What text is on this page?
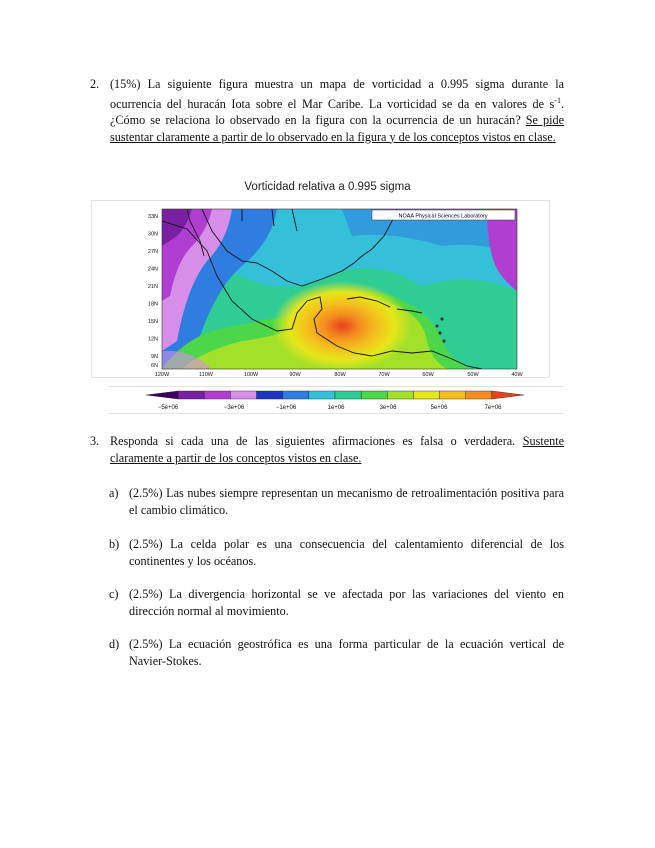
2. (15%) La siguiente figura muestra un mapa de vorticidad a 0.995 sigma durante la ocurrencia del huracán Iota sobre el Mar Caribe. La vorticidad se da en valores de $s^{-1}$. ¿Cómo se relaciona lo observado en la figura con la ocurrencia de un huracán? Se pide sustentar claramente a partir de lo observado en la figura y de los conceptos vistos en clase.
Vorticidad relativa a 0.995 sigma
NOAA Physical Sciences Laboratory
33N
30N
27N
24N
21N
18N
15N
12N
9N
6N
120W	110W	100W	90W	80W	70W	60W	50W	40W
−5e+06	−3e+06	−1e+06	1e+06	3e+06	5e+06	7e+06
3. Responda si cada una de las siguientes afirmaciones es falsa o verdadera. Sustente claramente a partir de los conceptos vistos en clase.
a) (2.5%) Las nubes siempre representan un mecanismo de retroalimentación positiva para el cambio climático.
b) (2.5%) La celda polar es una consecuencia del calentamiento diferencial de los continentes y los océanos.
c) (2.5%) La divergencia horizontal se ve afectada por las variaciones del viento en dirección normal al movimiento.
d) (2.5%) La ecuación geostrófica es una forma particular de la ecuación vertical de Navier-Stokes.
